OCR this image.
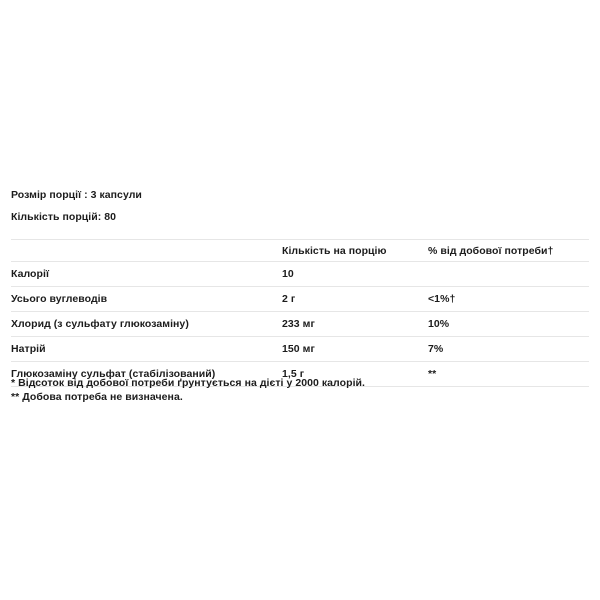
Розмір порції : 3 капсули

Кількість порцій: 80

	Кількість на порцію	% від добової потреби†
Калорії	10	
Усього вуглеводів	2 г	<1%†
Хлорид (з сульфату глюкозаміну)	233 мг	10%
Натрій	150 мг	7%
Глюкозаміну сульфат (стабілізований)	1,5 г	**

* Відсоток від добової потреби ґрунтується на дієті у 2000 калорій.

** Добова потреба не визначена.
